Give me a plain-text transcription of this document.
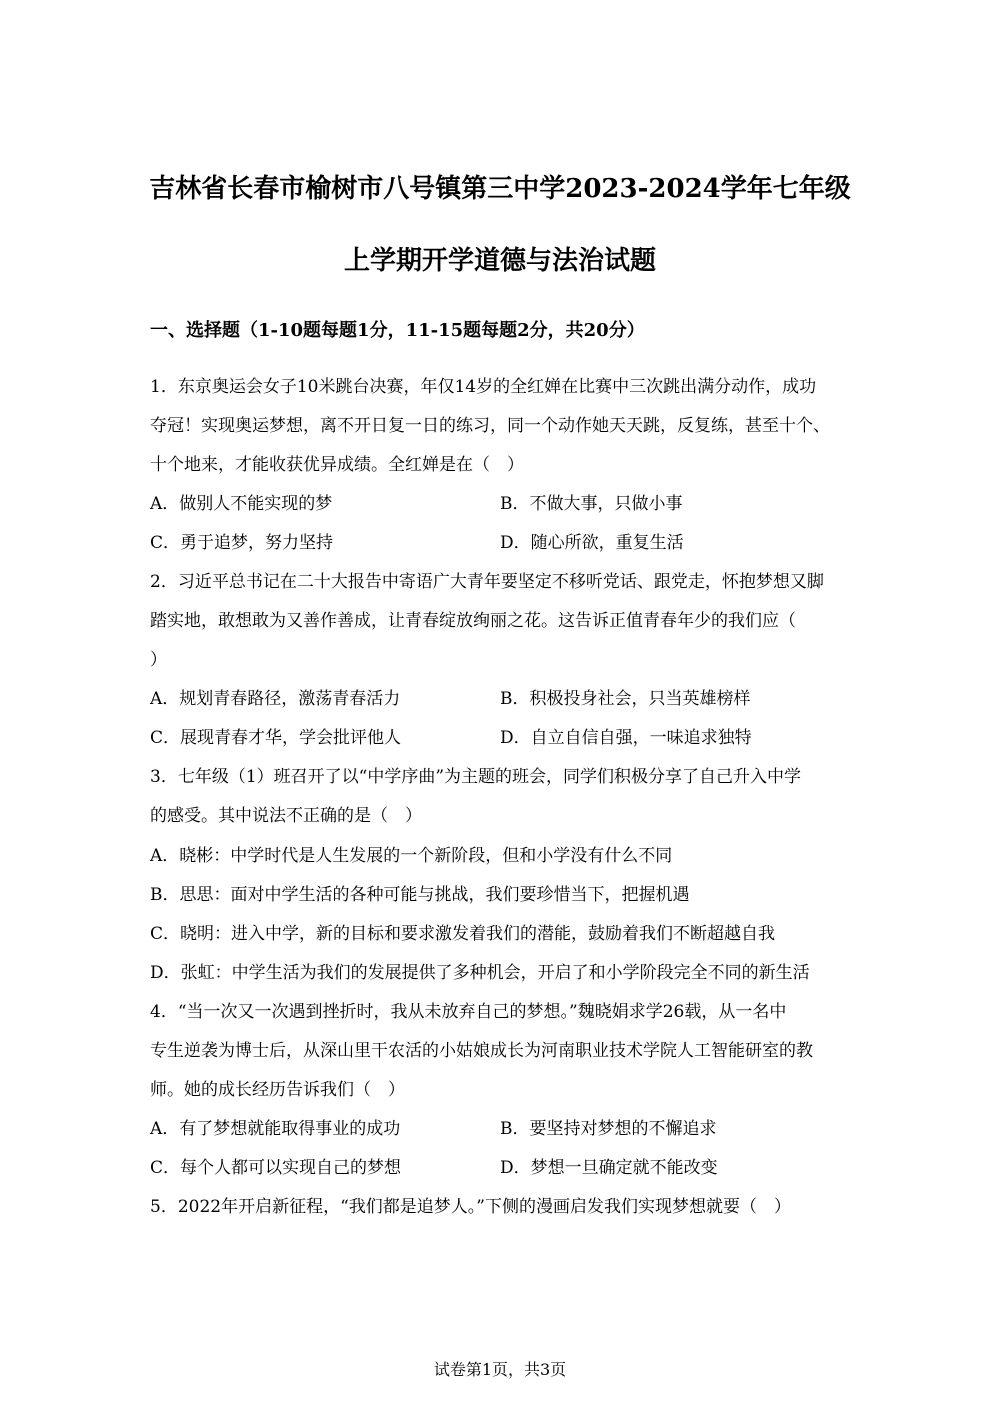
吉林省长春市榆树市八号镇第三中学2023-2024学年七年级
上学期开学道德与法治试题
一、选择题（1-10题每题1分，11-15题每题2分，共20分）
1．东京奥运会女子10米跳台决赛，年仅14岁的全红婵在比赛中三次跳出满分动作，成功
夺冠！实现奥运梦想，离不开日复一日的练习，同一个动作她天天跳，反复练，甚至十个、
十个地来，才能收获优异成绩。全红婵是在（　）
A．做别人不能实现的梦	B．不做大事，只做小事
C．勇于追梦，努力坚持	D．随心所欲，重复生活
2．习近平总书记在二十大报告中寄语广大青年要坚定不移听党话、跟党走，怀抱梦想又脚
踏实地，敢想敢为又善作善成，让青春绽放绚丽之花。这告诉正值青春年少的我们应（
）
A．规划青春路径，激荡青春活力	B．积极投身社会，只当英雄榜样
C．展现青春才华，学会批评他人	D．自立自信自强，一味追求独特
3．七年级（1）班召开了以“中学序曲”为主题的班会，同学们积极分享了自己升入中学
的感受。其中说法不正确的是（　）
A．晓彬：中学时代是人生发展的一个新阶段，但和小学没有什么不同
B．思思：面对中学生活的各种可能与挑战，我们要珍惜当下，把握机遇
C．晓明：进入中学，新的目标和要求激发着我们的潜能，鼓励着我们不断超越自我
D．张虹：中学生活为我们的发展提供了多种机会，开启了和小学阶段完全不同的新生活
4．“当一次又一次遇到挫折时，我从未放弃自己的梦想。”魏晓娟求学26载，从一名中
专生逆袭为博士后，从深山里干农活的小姑娘成长为河南职业技术学院人工智能研室的教
师。她的成长经历告诉我们（　）
A．有了梦想就能取得事业的成功	B．要坚持对梦想的不懈追求
C．每个人都可以实现自己的梦想	D．梦想一旦确定就不能改变
5．2022年开启新征程，“我们都是追梦人。”下侧的漫画启发我们实现梦想就要（　）
试卷第1页，共3页
